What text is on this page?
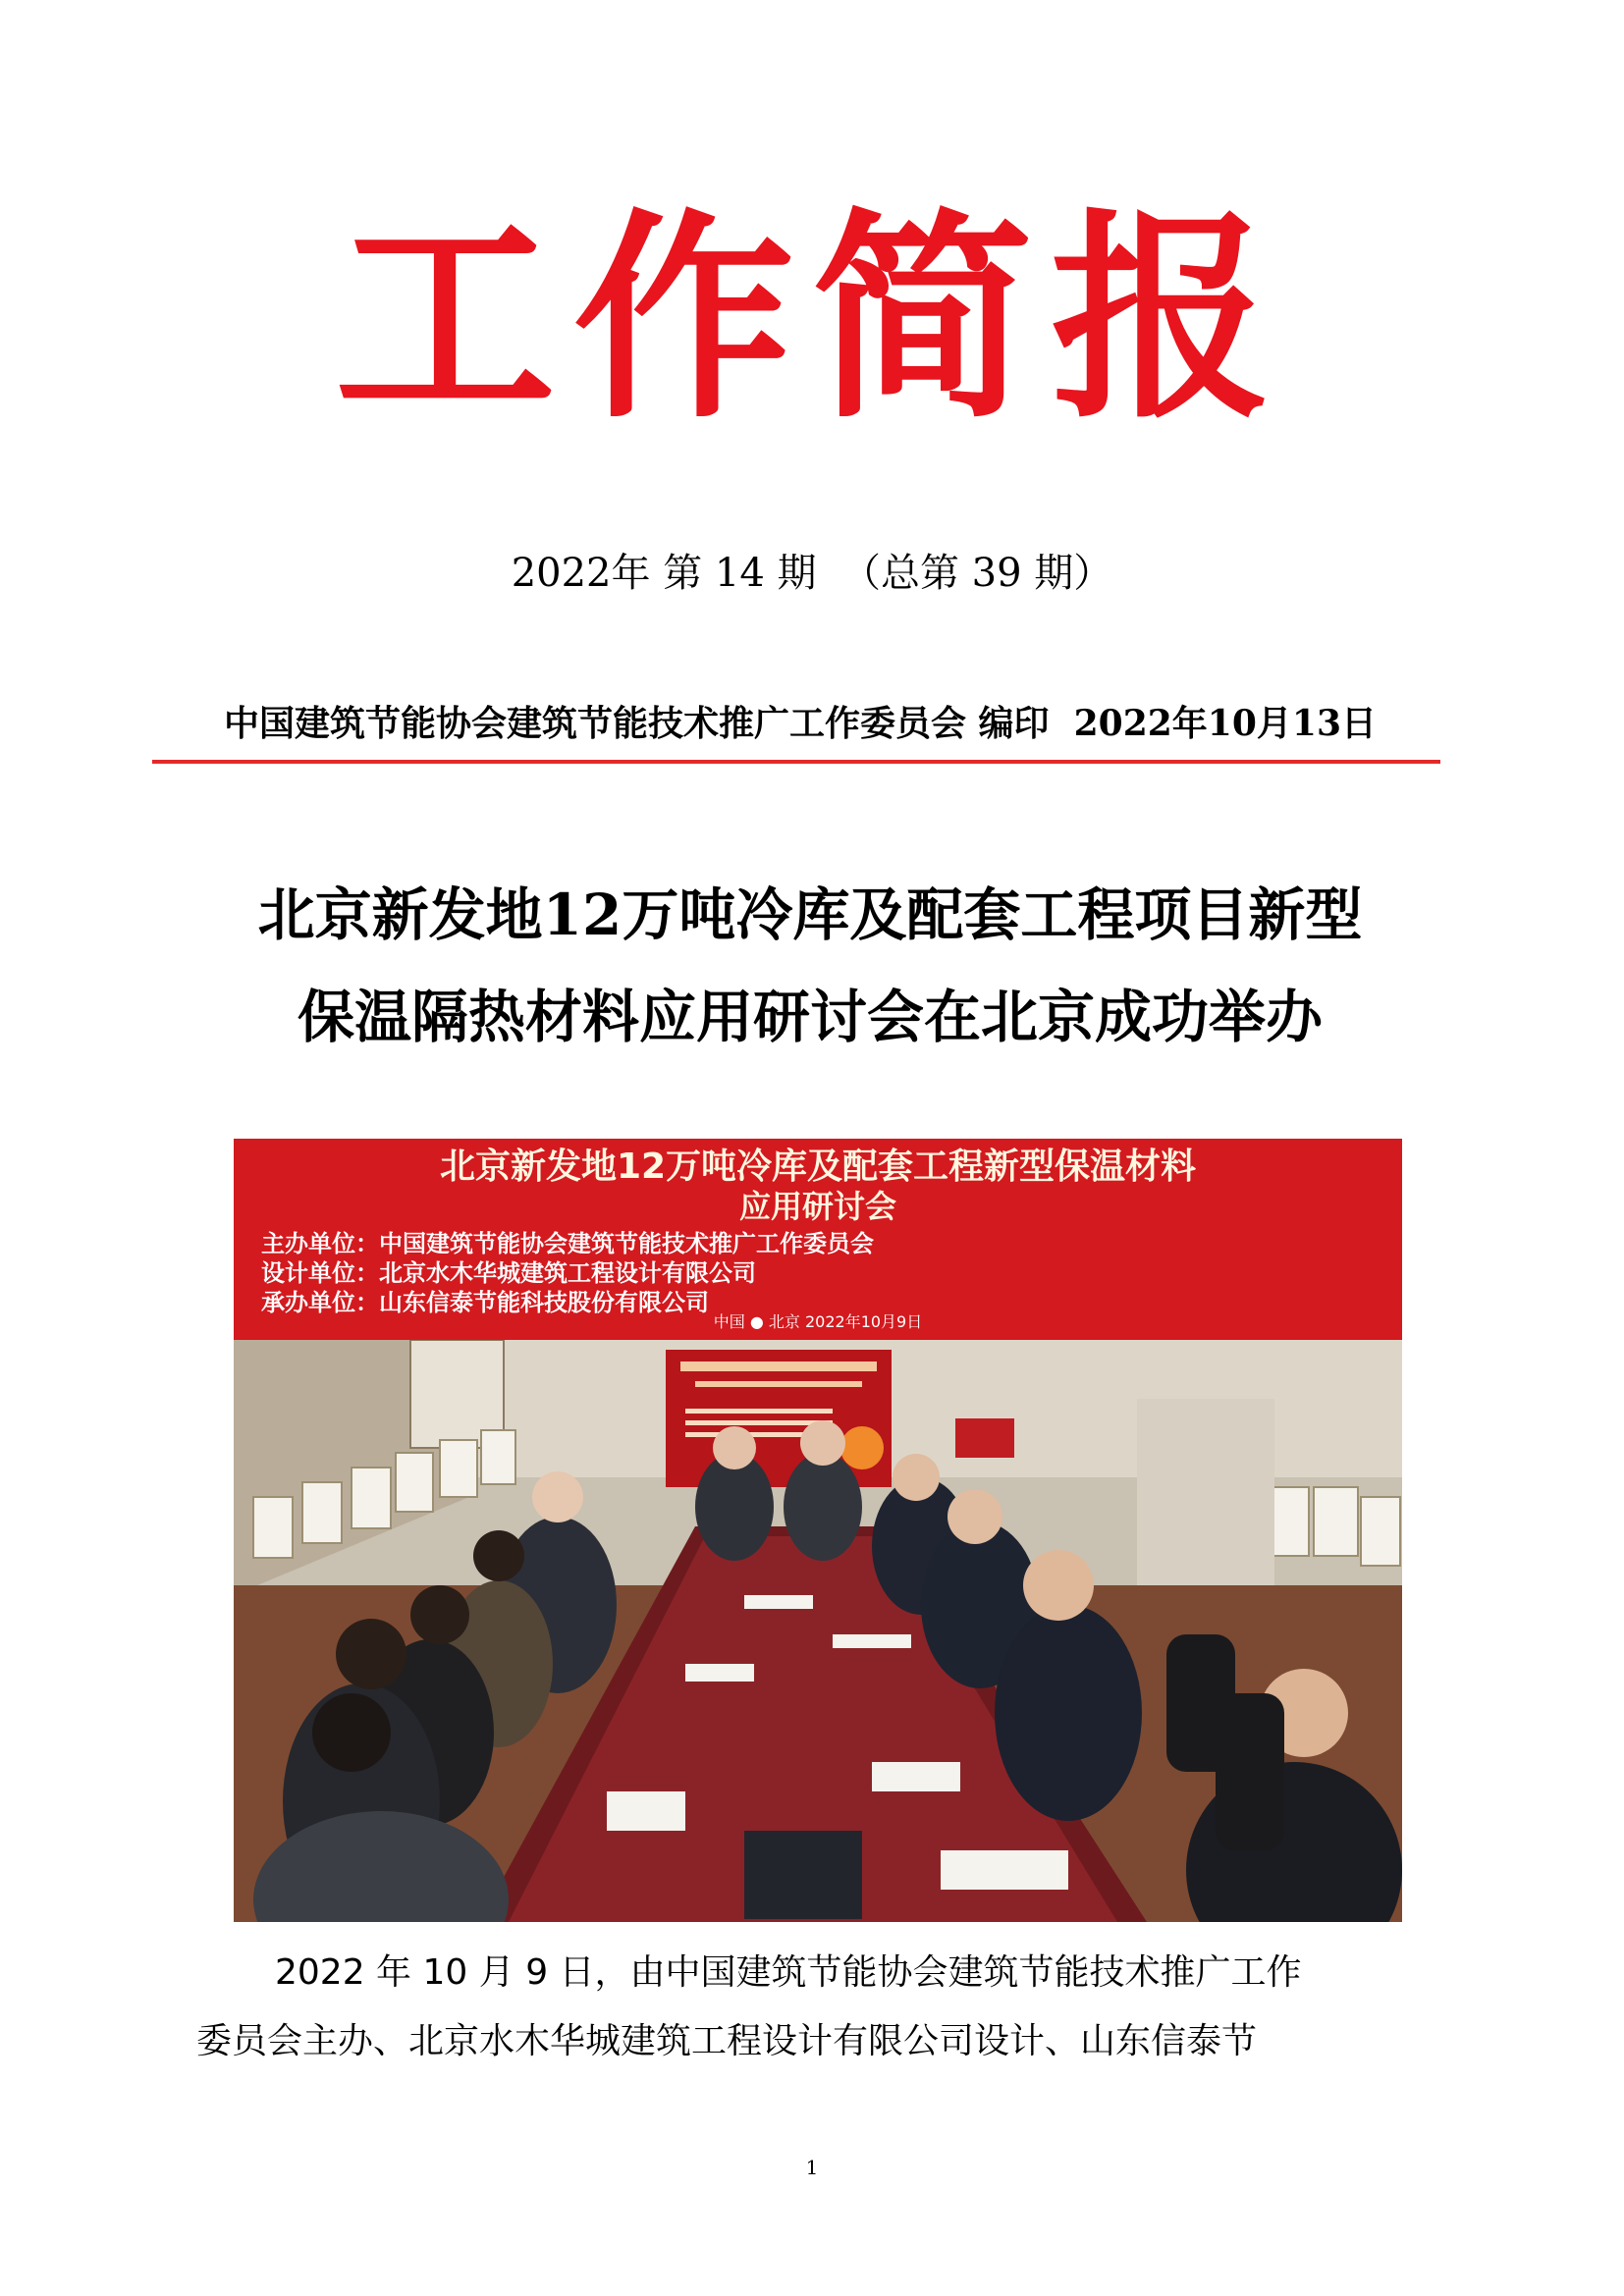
工作简报
2022年 第 14 期  （总第 39 期）
中国建筑节能协会建筑节能技术推广工作委员会 编印  2022年10月13日
北京新发地12万吨冷库及配套工程项目新型
保温隔热材料应用研讨会在北京成功举办
北京新发地12万吨冷库及配套工程新型保温材料
应用研讨会
主办单位：中国建筑节能协会建筑节能技术推广工作委员会
设计单位：北京水木华城建筑工程设计有限公司
承办单位：山东信泰节能科技股份有限公司
中国 ● 北京 2022年10月9日
2022 年 10 月 9 日，由中国建筑节能协会建筑节能技术推广工作
委员会主办、北京水木华城建筑工程设计有限公司设计、山东信泰节
1
